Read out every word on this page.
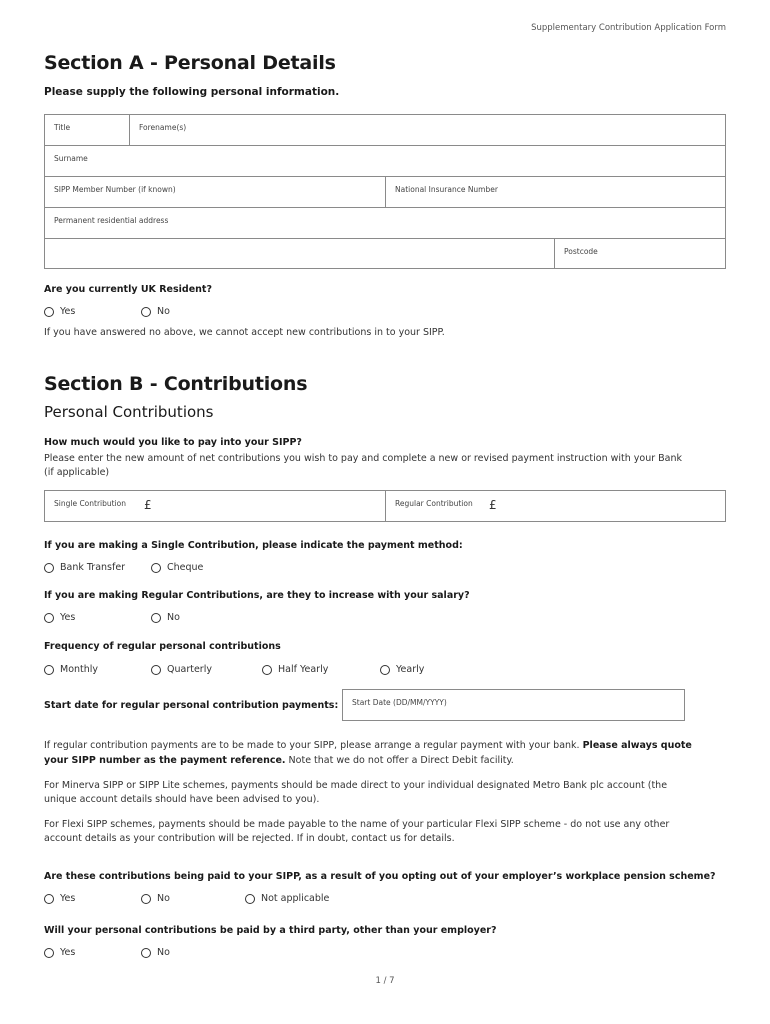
Supplementary Contribution Application Form
Section A - Personal Details
Please supply the following personal information.
Title	Forename(s)
Surname
SIPP Member Number (if known)	National Insurance Number
Permanent residential address
Postcode
Are you currently UK Resident?
Yes	No
If you have answered no above, we cannot accept new contributions in to your SIPP.
Section B - Contributions
Personal Contributions
How much would you like to pay into your SIPP?
Please enter the new amount of net contributions you wish to pay and complete a new or revised payment instruction with your Bank
(if applicable)
Single Contribution £	Regular Contribution £
If you are making a Single Contribution, please indicate the payment method:
Bank Transfer	Cheque
If you are making Regular Contributions, are they to increase with your salary?
Yes	No
Frequency of regular personal contributions
Monthly	Quarterly	Half Yearly	Yearly
Start date for regular personal contribution payments: Start Date (DD/MM/YYYY)
If regular contribution payments are to be made to your SIPP, please arrange a regular payment with your bank. Please always quote
your SIPP number as the payment reference. Note that we do not offer a Direct Debit facility.
For Minerva SIPP or SIPP Lite schemes, payments should be made direct to your individual designated Metro Bank plc account (the
unique account details should have been advised to you).
For Flexi SIPP schemes, payments should be made payable to the name of your particular Flexi SIPP scheme - do not use any other
account details as your contribution will be rejected. If in doubt, contact us for details.
Are these contributions being paid to your SIPP, as a result of you opting out of your employer’s workplace pension scheme?
Yes	No	Not applicable
Will your personal contributions be paid by a third party, other than your employer?
Yes	No
1 / 7
